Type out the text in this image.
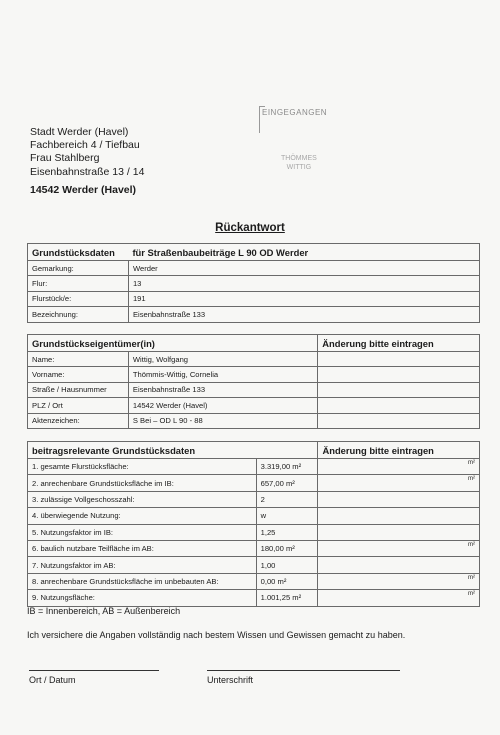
Stadt Werder (Havel)
Fachbereich 4 / Tiefbau
Frau Stahlberg
Eisenbahnstraße 13 / 14
14542 Werder (Havel)
EINGEGANGEN
THÖMMES
WITTIG
Rückantwort
Grundstücksdaten	für Straßenbaubeiträge L 90 OD Werder
Gemarkung:	Werder
Flur:	13
Flurstück/e:	191
Bezeichnung:	Eisenbahnstraße 133
Grundstückseigentümer(in)		Änderung bitte eintragen
Name:	Wittig, Wolfgang	
Vorname:	Thömmis-Wittig, Cornelia	
Straße / Hausnummer	Eisenbahnstraße 133	
PLZ / Ort	14542 Werder (Havel)	
Aktenzeichen:	S Bei – OD L 90 - 88	
beitragsrelevante Grundstücksdaten		Änderung bitte eintragen
1. gesamte Flurstücksfläche:	3.319,00 m²	m²
2. anrechenbare Grundstücksfläche im IB:	657,00 m²	m²
3. zulässige Vollgeschosszahl:	2	
4. überwiegende Nutzung:	w	
5. Nutzungsfaktor im IB:	1,25	
6. baulich nutzbare Teilfläche im AB:	180,00 m²	m²
7. Nutzungsfaktor im AB:	1,00	
8. anrechenbare Grundstücksfläche im unbebauten AB:	0,00 m²	m²
9. Nutzungsfläche:	1.001,25 m²	m²
IB = Innenbereich, AB = Außenbereich
Ich versichere die Angaben vollständig nach bestem Wissen und Gewissen gemacht zu haben.
Ort / Datum	Unterschrift
